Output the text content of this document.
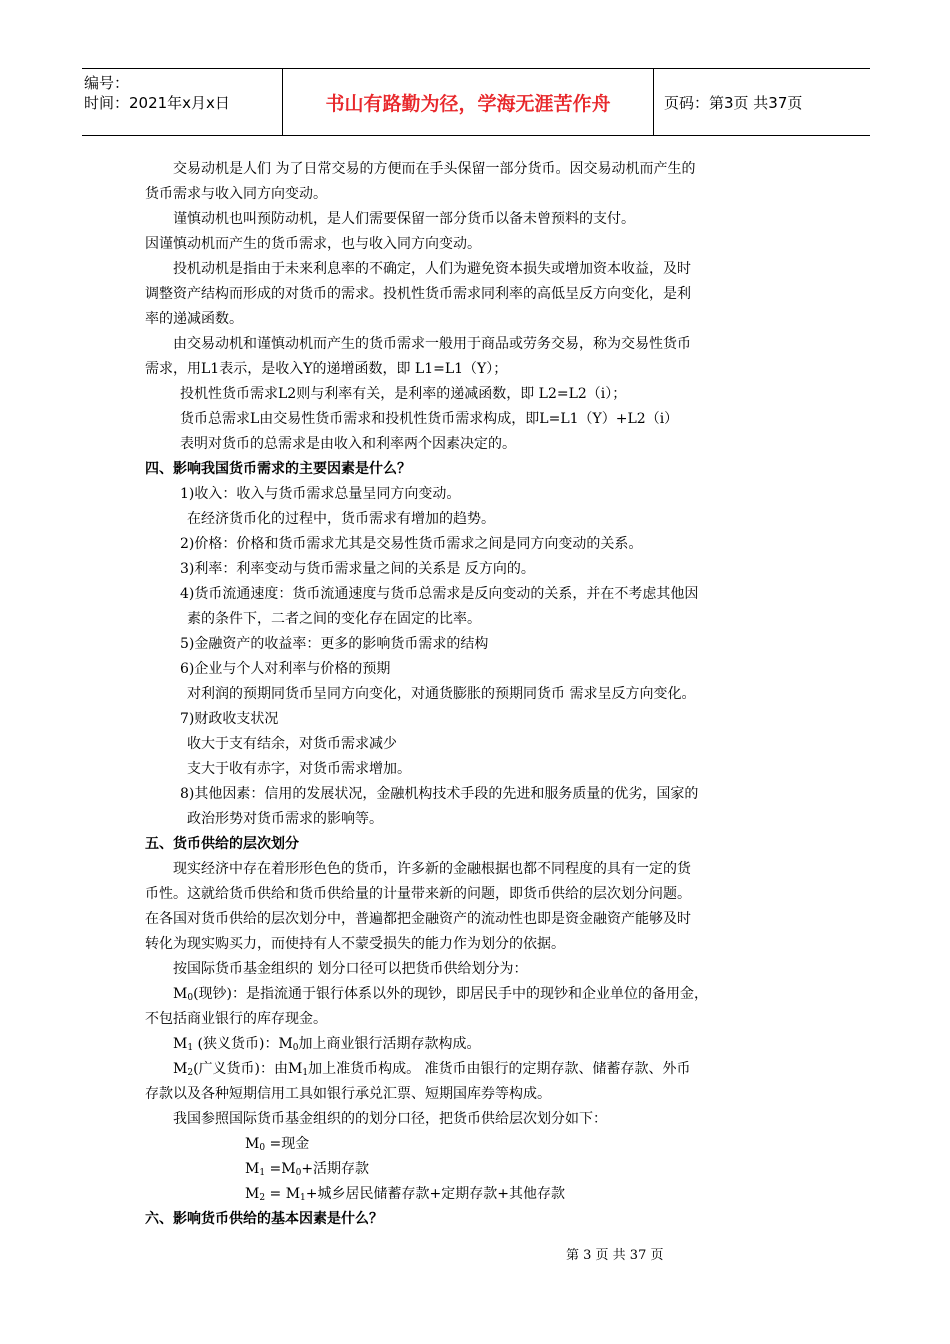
编号：
时间：2021年x月x日	书山有路勤为径，学海无涯苦作舟	页码：第3页 共37页
交易动机是人们 为了日常交易的方便而在手头保留一部分货币。因交易动机而产生的
货币需求与收入同方向变动。
谨慎动机也叫预防动机，是人们需要保留一部分货币以备未曾预料的支付。
因谨慎动机而产生的货币需求，也与收入同方向变动。
投机动机是指由于未来利息率的不确定，人们为避免资本损失或增加资本收益，及时
调整资产结构而形成的对货币的需求。投机性货币需求同利率的高低呈反方向变化，是利
率的递减函数。
由交易动机和谨慎动机而产生的货币需求一般用于商品或劳务交易，称为交易性货币
需求，用L1表示，是收入Y的递增函数，即 L1=L1（Y）；
投机性货币需求L2则与利率有关，是利率的递减函数，即 L2=L2（i）；
货币总需求L由交易性货币需求和投机性货币需求构成，即L=L1（Y）+L2（i）
表明对货币的总需求是由收入和利率两个因素决定的。
四、影响我国货币需求的主要因素是什么？
1)收入：收入与货币需求总量呈同方向变动。
在经济货币化的过程中，货币需求有增加的趋势。
2)价格：价格和货币需求尤其是交易性货币需求之间是同方向变动的关系。
3)利率：利率变动与货币需求量之间的关系是 反方向的。
4)货币流通速度：货币流通速度与货币总需求是反向变动的关系，并在不考虑其他因
素的条件下，二者之间的变化存在固定的比率。
5)金融资产的收益率：更多的影响货币需求的结构
6)企业与个人对利率与价格的预期
对利润的预期同货币呈同方向变化，对通货膨胀的预期同货币 需求呈反方向变化。
7)财政收支状况
收大于支有结余，对货币需求减少
支大于收有赤字，对货币需求增加。
8)其他因素：信用的发展状况，金融机构技术手段的先进和服务质量的优劣，国家的
政治形势对货币需求的影响等。
五、货币供给的层次划分
现实经济中存在着形形色色的货币，许多新的金融根据也都不同程度的具有一定的货
币性。这就给货币供给和货币供给量的计量带来新的问题，即货币供给的层次划分问题。
在各国对货币供给的层次划分中，普遍都把金融资产的流动性也即是资金融资产能够及时
转化为现实购买力，而使持有人不蒙受损失的能力作为划分的依据。
按国际货币基金组织的 划分口径可以把货币供给划分为：
$M_0$(现钞)：是指流通于银行体系以外的现钞，即居民手中的现钞和企业单位的备用金，
不包括商业银行的库存现金。
$M_1$ (狭义货币)：$M_0$加上商业银行活期存款构成。
$M_2$(广义货币)：由$M_1$加上准货币构成。 准货币由银行的定期存款、储蓄存款、外币
存款以及各种短期信用工具如银行承兑汇票、短期国库券等构成。
我国参照国际货币基金组织的的划分口径，把货币供给层次划分如下：
$M_0$ =现金
$M_1 =M_0+$活期存款
$M_2 = M_1+$城乡居民储蓄存款+定期存款+其他存款
六、影响货币供给的基本因素是什么？
第 3 页 共 37 页
